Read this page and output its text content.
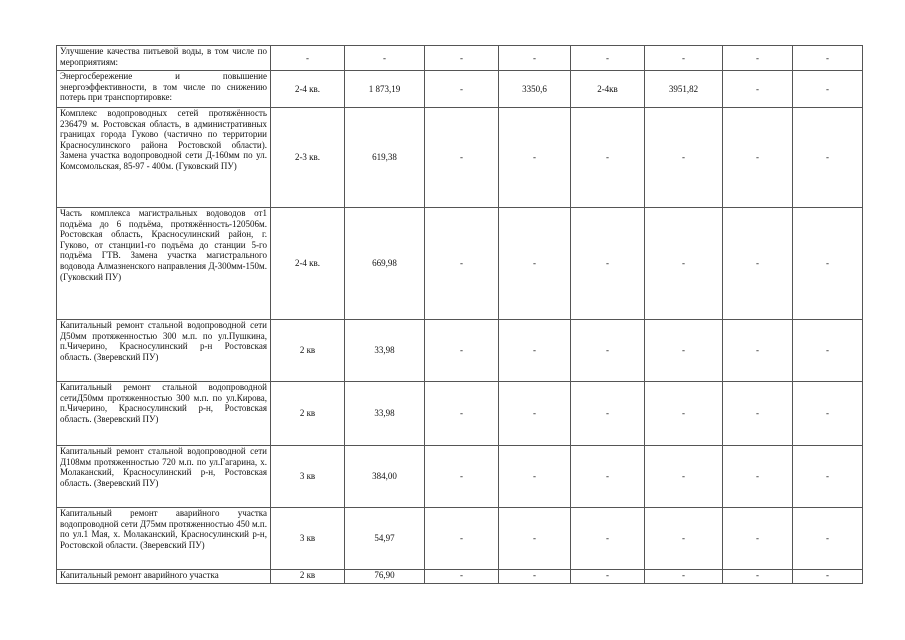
Улучшение качества питьевой воды, в том числе по мероприятиям:	-	-	-	-	-	-	-	-
Энергосбережение и повышение энергоэффективности, в том числе по снижению потерь при транспортировке:	2-4 кв.	1 873,19	-	3350,6	2-4кв	3951,82	-	-
Комплекс водопроводных сетей протяжённость 236479 м. Ростовская область, в административных границах города Гуково (частично по территории Красносулинского района Ростовской области). Замена участка водопроводной сети Д-160мм по ул. Комсомольская, 85-97 - 400м. (Гуковский ПУ)	2-3 кв.	619,38	-	-	-	-	-	-
Часть комплекса магистральных водоводов от1 подъёма до 6 подъёма, протяжённость-120506м. Ростовская область, Красносулинский район, г. Гуково, от станции1-го подъёма до станции 5-го подъёма ГТВ. Замена участка магистрального водовода Алмазненского направления Д-300мм-150м. (Гуковский ПУ)	2-4 кв.	669,98	-	-	-	-	-	-
Капитальный ремонт стальной водопроводной сети Д50мм протяженностью 300 м.п. по ул.Пушкина, п.Чичерино, Красносулинский р-н Ростовская область. (Зверевский ПУ)	2 кв	33,98	-	-	-	-	-	-
Капитальный ремонт стальной водопроводной сетиД50мм протяженностью 300 м.п. по ул.Кирова, п.Чичерино, Красносулинский р-н, Ростовская область. (Зверевский ПУ)	2 кв	33,98	-	-	-	-	-	-
Капитальный ремонт стальной водопроводной сети Д108мм протяженностью 720 м.п. по ул.Гагарина, х. Молаканский, Красносулинский р-н, Ростовская область. (Зверевский ПУ)	3 кв	384,00	-	-	-	-	-	-
Капитальный ремонт аварийного участка водопроводной сети Д75мм протяженностью 450 м.п. по ул.1 Мая, х. Молаканский, Красносулинский р-н, Ростовской области. (Зверевский ПУ)	3 кв	54,97	-	-	-	-	-	-
Капитальный ремонт аварийного участка	2 кв	76,90	-	-	-	-	-	-
